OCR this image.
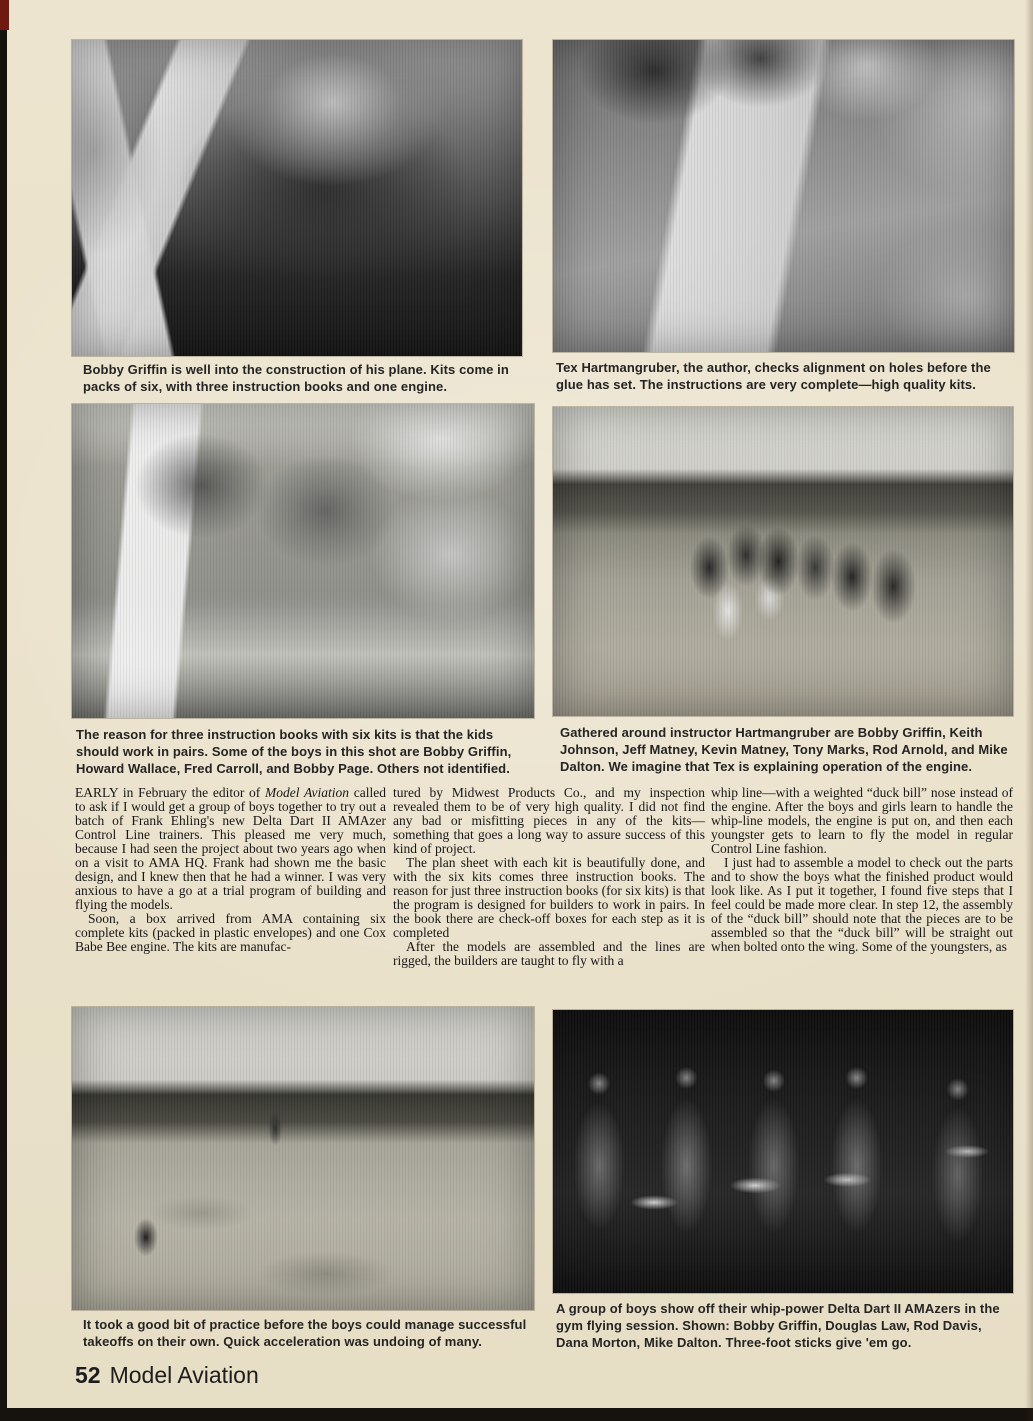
Bobby Griffin is well into the construction of his plane. Kits come in packs of six, with three instruction books and one engine.
Tex Hartmangruber, the author, checks alignment on holes before the glue has set. The instructions are very complete—high quality kits.
The reason for three instruction books with six kits is that the kids should work in pairs. Some of the boys in this shot are Bobby Griffin, Howard Wallace, Fred Carroll, and Bobby Page. Others not identified.
Gathered around instructor Hartmangruber are Bobby Griffin, Keith Johnson, Jeff Matney, Kevin Matney, Tony Marks, Rod Arnold, and Mike Dalton. We imagine that Tex is explaining operation of the engine.
It took a good bit of practice before the boys could manage successful takeoffs on their own. Quick acceleration was undoing of many.
A group of boys show off their whip-power Delta Dart II AMAzers in the gym flying session. Shown: Bobby Griffin, Douglas Law, Rod Davis, Dana Morton, Mike Dalton. Three-foot sticks give 'em go.

EARLY in February the editor of Model Aviation called to ask if I would get a group of boys together to try out a batch of Frank Ehling's new Delta Dart II AMAzer Control Line trainers. This pleased me very much, because I had seen the project about two years ago when on a visit to AMA HQ. Frank had shown me the basic design, and I knew then that he had a winner. I was very anxious to have a go at a trial program of building and flying the models.

Soon, a box arrived from AMA containing six complete kits (packed in plastic envelopes) and one Cox Babe Bee engine. The kits are manufac-

tured by Midwest Products Co., and my inspection revealed them to be of very high quality. I did not find any bad or misfitting pieces in any of the kits—something that goes a long way to assure success of this kind of project.

The plan sheet with each kit is beautifully done, and with the six kits comes three instruction books. The reason for just three instruction books (for six kits) is that the program is designed for builders to work in pairs. In the book there are check-off boxes for each step as it is completed

After the models are assembled and the lines are rigged, the builders are taught to fly with a

whip line—with a weighted “duck bill” nose instead of the engine. After the boys and girls learn to handle the whip-line models, the engine is put on, and then each youngster gets to learn to fly the model in regular Control Line fashion.

I just had to assemble a model to check out the parts and to show the boys what the finished product would look like. As I put it together, I found five steps that I feel could be made more clear. In step 12, the assembly of the “duck bill” should note that the pieces are to be assembled so that the “duck bill” will be straight out when bolted onto the wing. Some of the youngsters, as

52 Model Aviation
